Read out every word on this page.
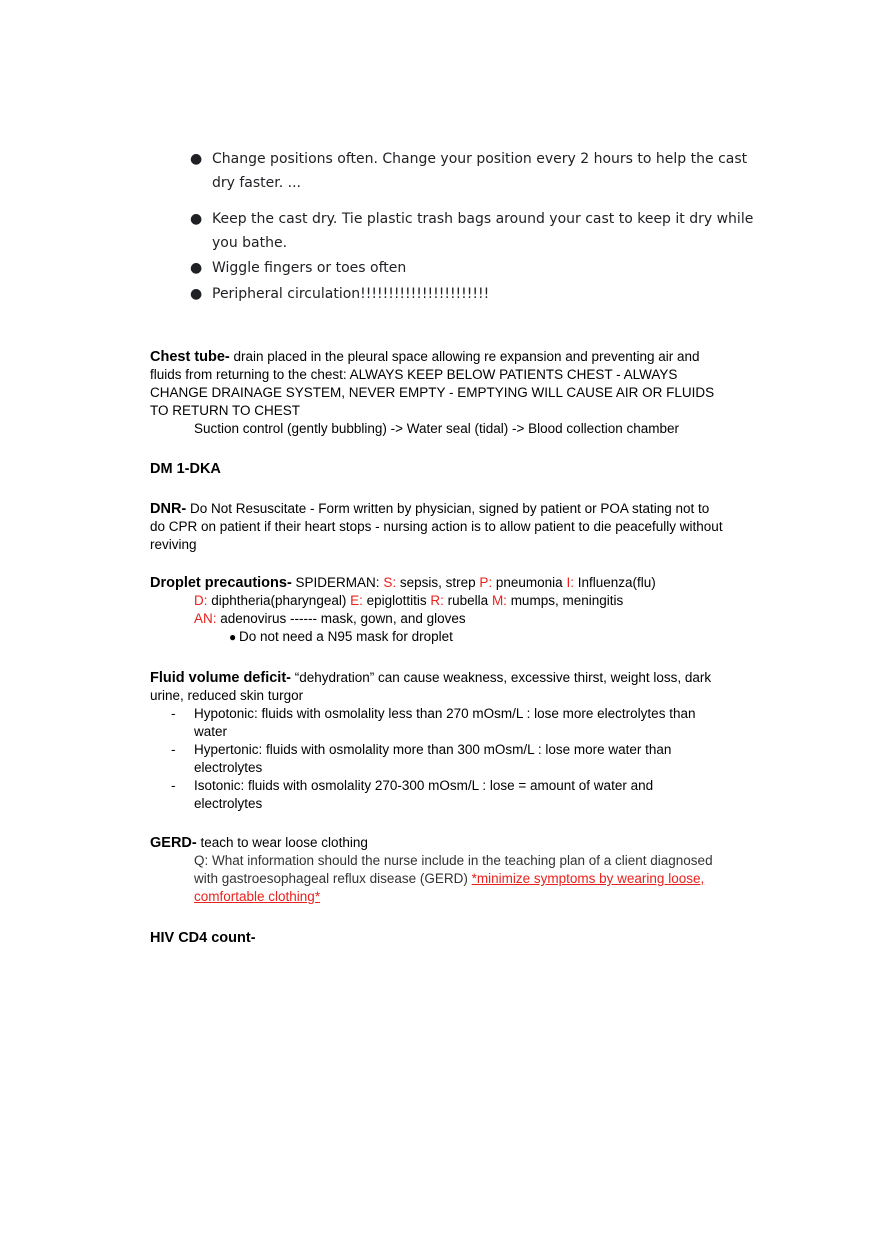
● Change positions often. Change your position every 2 hours to help the cast
dry faster. ...
● Keep the cast dry. Tie plastic trash bags around your cast to keep it dry while
you bathe.
● Wiggle fingers or toes often
● Peripheral circulation!!!!!!!!!!!!!!!!!!!!!!!
Chest tube- drain placed in the pleural space allowing re expansion and preventing air and
fluids from returning to the chest: ALWAYS KEEP BELOW PATIENTS CHEST - ALWAYS
CHANGE DRAINAGE SYSTEM, NEVER EMPTY - EMPTYING WILL CAUSE AIR OR FLUIDS
TO RETURN TO CHEST
Suction control (gently bubbling) -> Water seal (tidal) -> Blood collection chamber
DM 1-DKA
DNR- Do Not Resuscitate - Form written by physician, signed by patient or POA stating not to
do CPR on patient if their heart stops - nursing action is to allow patient to die peacefully without
reviving
Droplet precautions- SPIDERMAN: S: sepsis, strep P: pneumonia I: Influenza(flu)
D: diphtheria(pharyngeal) E: epiglottitis R: rubella M: mumps, meningitis
AN: adenovirus ------ mask, gown, and gloves
● Do not need a N95 mask for droplet
Fluid volume deficit- “dehydration” can cause weakness, excessive thirst, weight loss, dark
urine, reduced skin turgor
- Hypotonic: fluids with osmolality less than 270 mOsm/L : lose more electrolytes than
water
- Hypertonic: fluids with osmolality more than 300 mOsm/L : lose more water than
electrolytes
- Isotonic: fluids with osmolality 270-300 mOsm/L : lose = amount of water and
electrolytes
GERD- teach to wear loose clothing
Q: What information should the nurse include in the teaching plan of a client diagnosed
with gastroesophageal reflux disease (GERD) *minimize symptoms by wearing loose,
comfortable clothing*
HIV CD4 count-
